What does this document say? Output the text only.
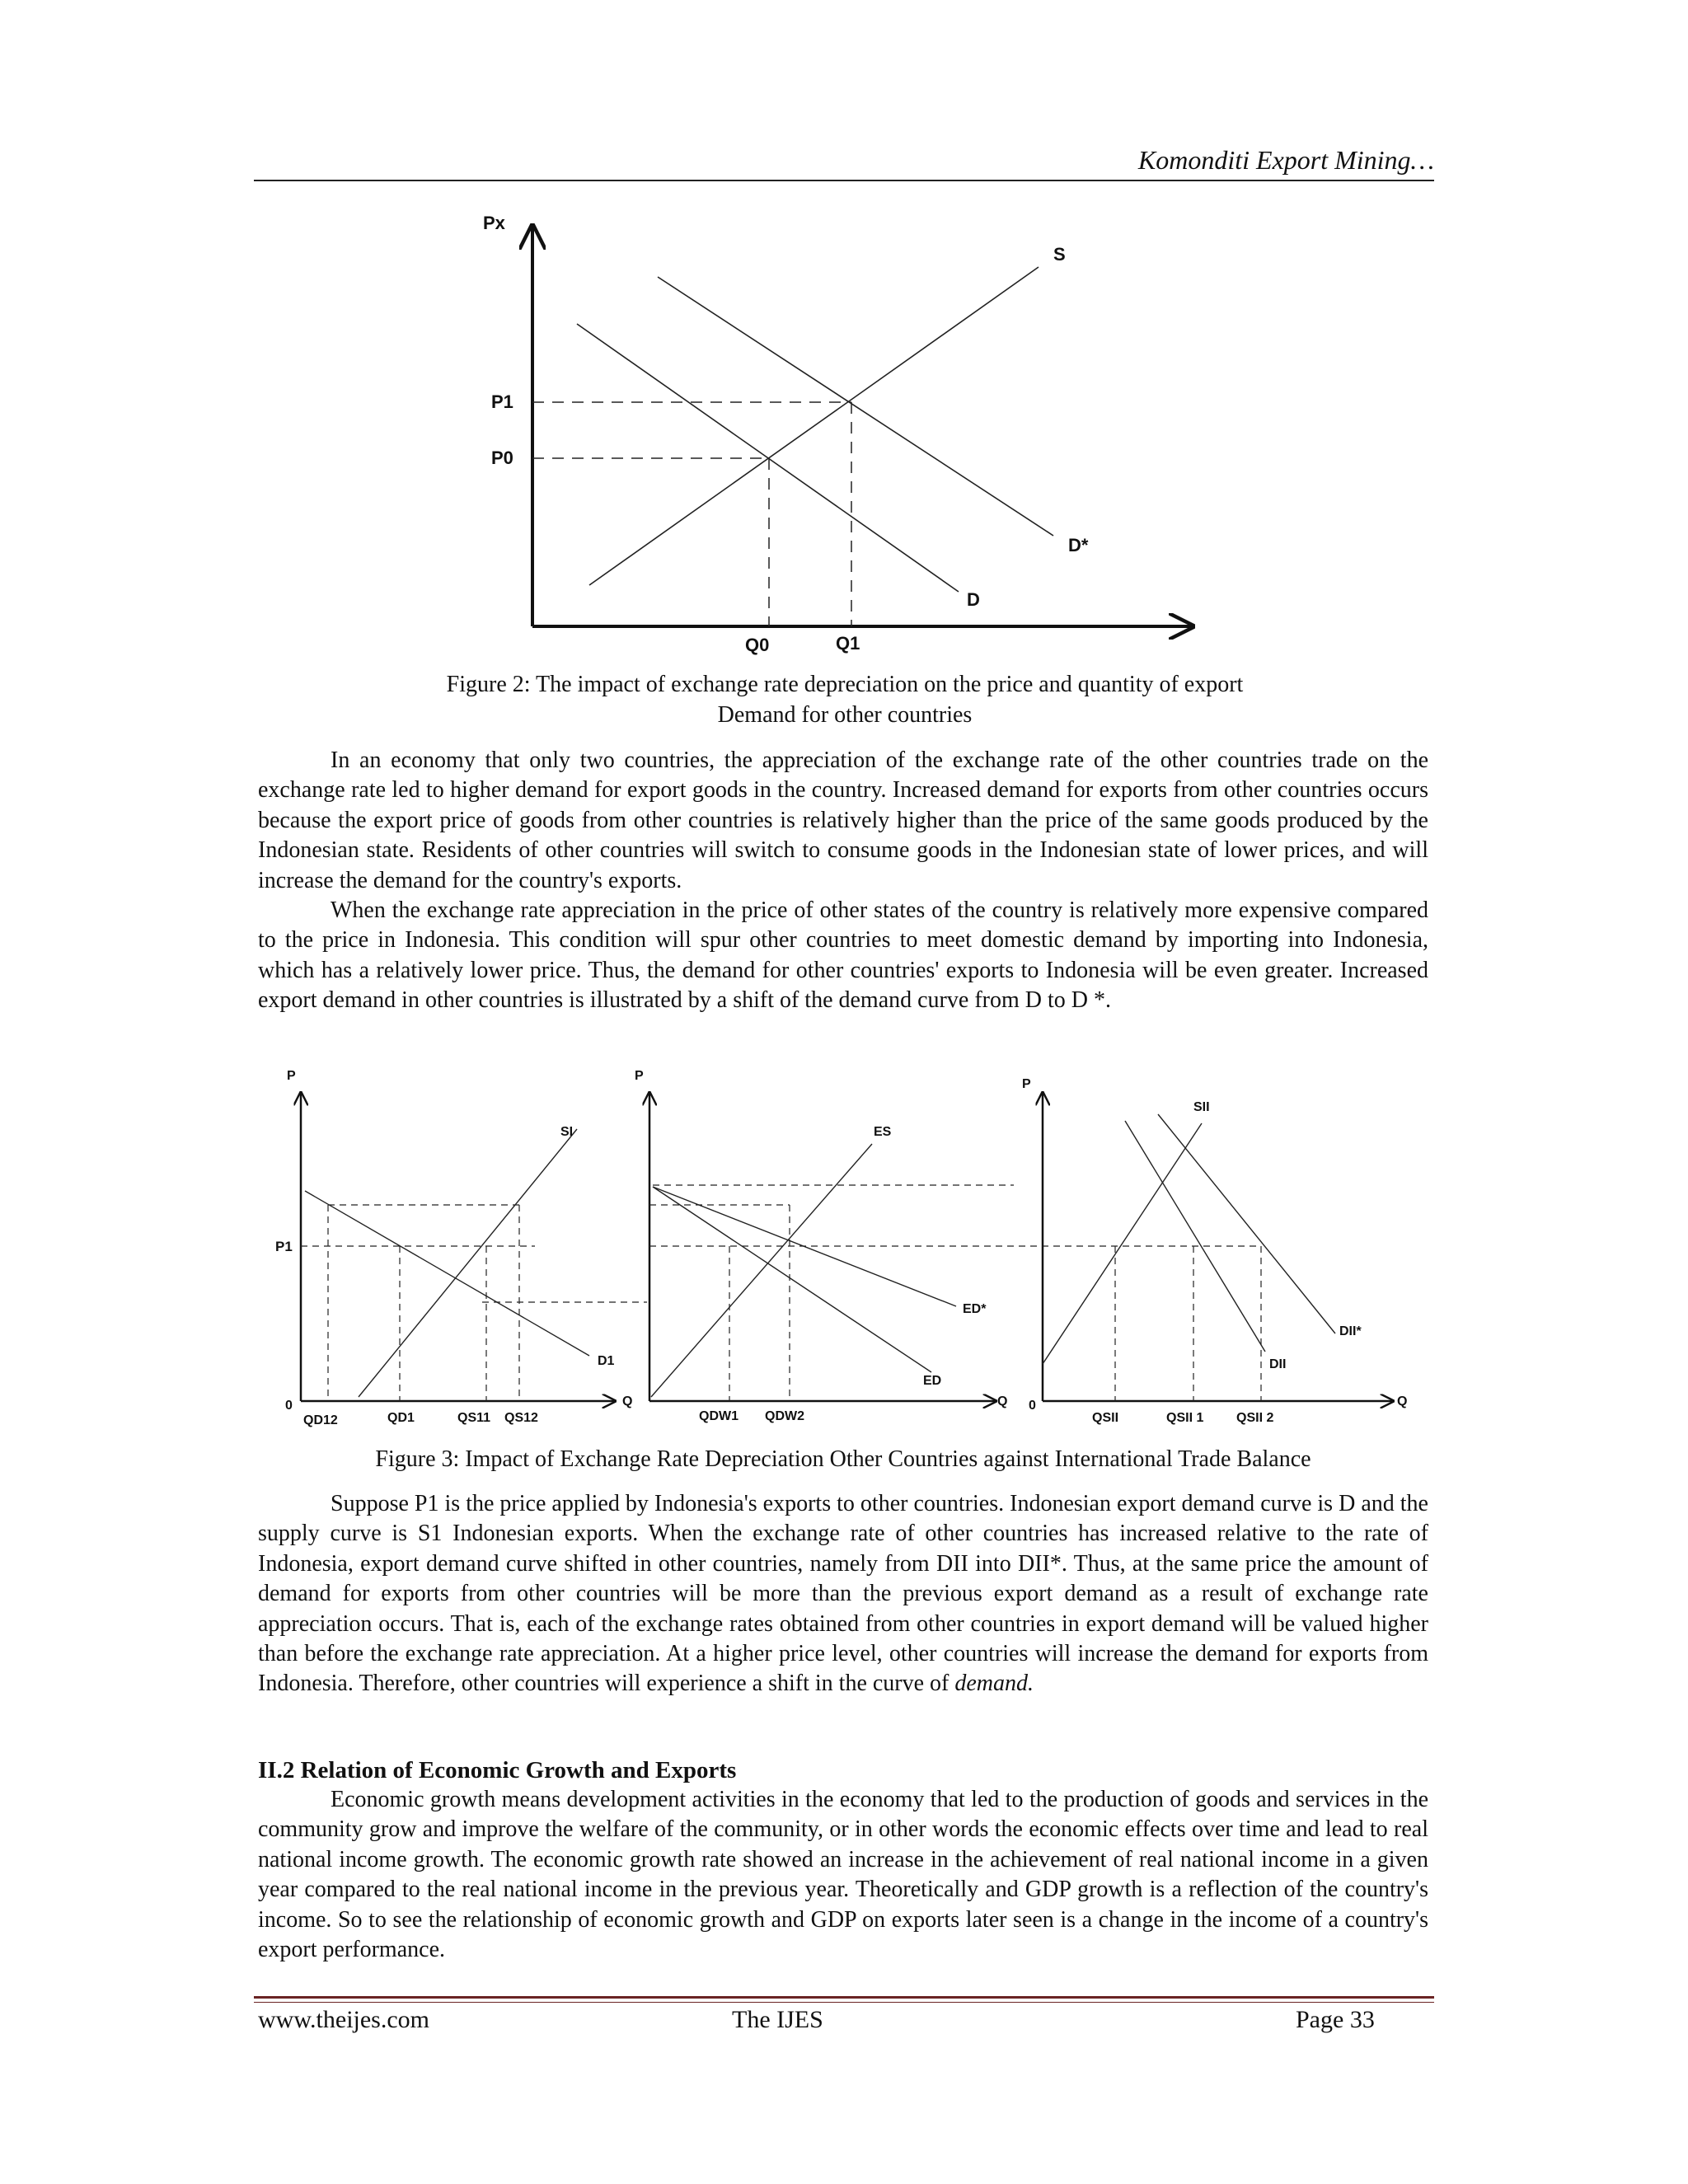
Komonditi Export Mining…
Px
P1
P0
Q0	Q1
S
D*
D
Figure 2: The impact of exchange rate depreciation on the price and quantity of export
Demand for other countries

In an economy that only two countries, the appreciation of the exchange rate of the other countries trade on the exchange rate led to higher demand for export goods in the country. Increased demand for exports from other countries occurs because the export price of goods from other countries is relatively higher than the price of the same goods produced by the Indonesian state. Residents of other countries will switch to consume goods in the Indonesian state of lower prices, and will increase the demand for the country's exports.

When the exchange rate appreciation in the price of other states of the country is relatively more expensive compared to the price in Indonesia. This condition will spur other countries to meet domestic demand by importing into Indonesia, which has a relatively lower price. Thus, the demand for other countries' exports to Indonesia will be even greater. Increased export demand in other countries is illustrated by a shift of the demand curve from D to D *.

P
P1
0	Q
QD12	QD1	QS11 QS12
SI
D1
P
Q
QDW1 QDW2
ES
ED*
ED
P
0	Q
QSII	QSII 1 QSII 2
SII
DII
DII*
Figure 3: Impact of Exchange Rate Depreciation Other Countries against International Trade Balance

Suppose P1 is the price applied by Indonesia's exports to other countries. Indonesian export demand curve is D and the supply curve is S1 Indonesian exports. When the exchange rate of other countries has increased relative to the rate of Indonesia, export demand curve shifted in other countries, namely from DII into DII*. Thus, at the same price the amount of demand for exports from other countries will be more than the previous export demand as a result of exchange rate appreciation occurs. That is, each of the exchange rates obtained from other countries in export demand will be valued higher than before the exchange rate appreciation. At a higher price level, other countries will increase the demand for exports from Indonesia. Therefore, other countries will experience a shift in the curve of demand.

II.2 Relation of Economic Growth and Exports

Economic growth means development activities in the economy that led to the production of goods and services in the community grow and improve the welfare of the community, or in other words the economic effects over time and lead to real national income growth. The economic growth rate showed an increase in the achievement of real national income in a given year compared to the real national income in the previous year. Theoretically and GDP growth is a reflection of the country's income. So to see the relationship of economic growth and GDP on exports later seen is a change in the income of a country's export performance.

www.theijes.com	The IJES	Page 33
